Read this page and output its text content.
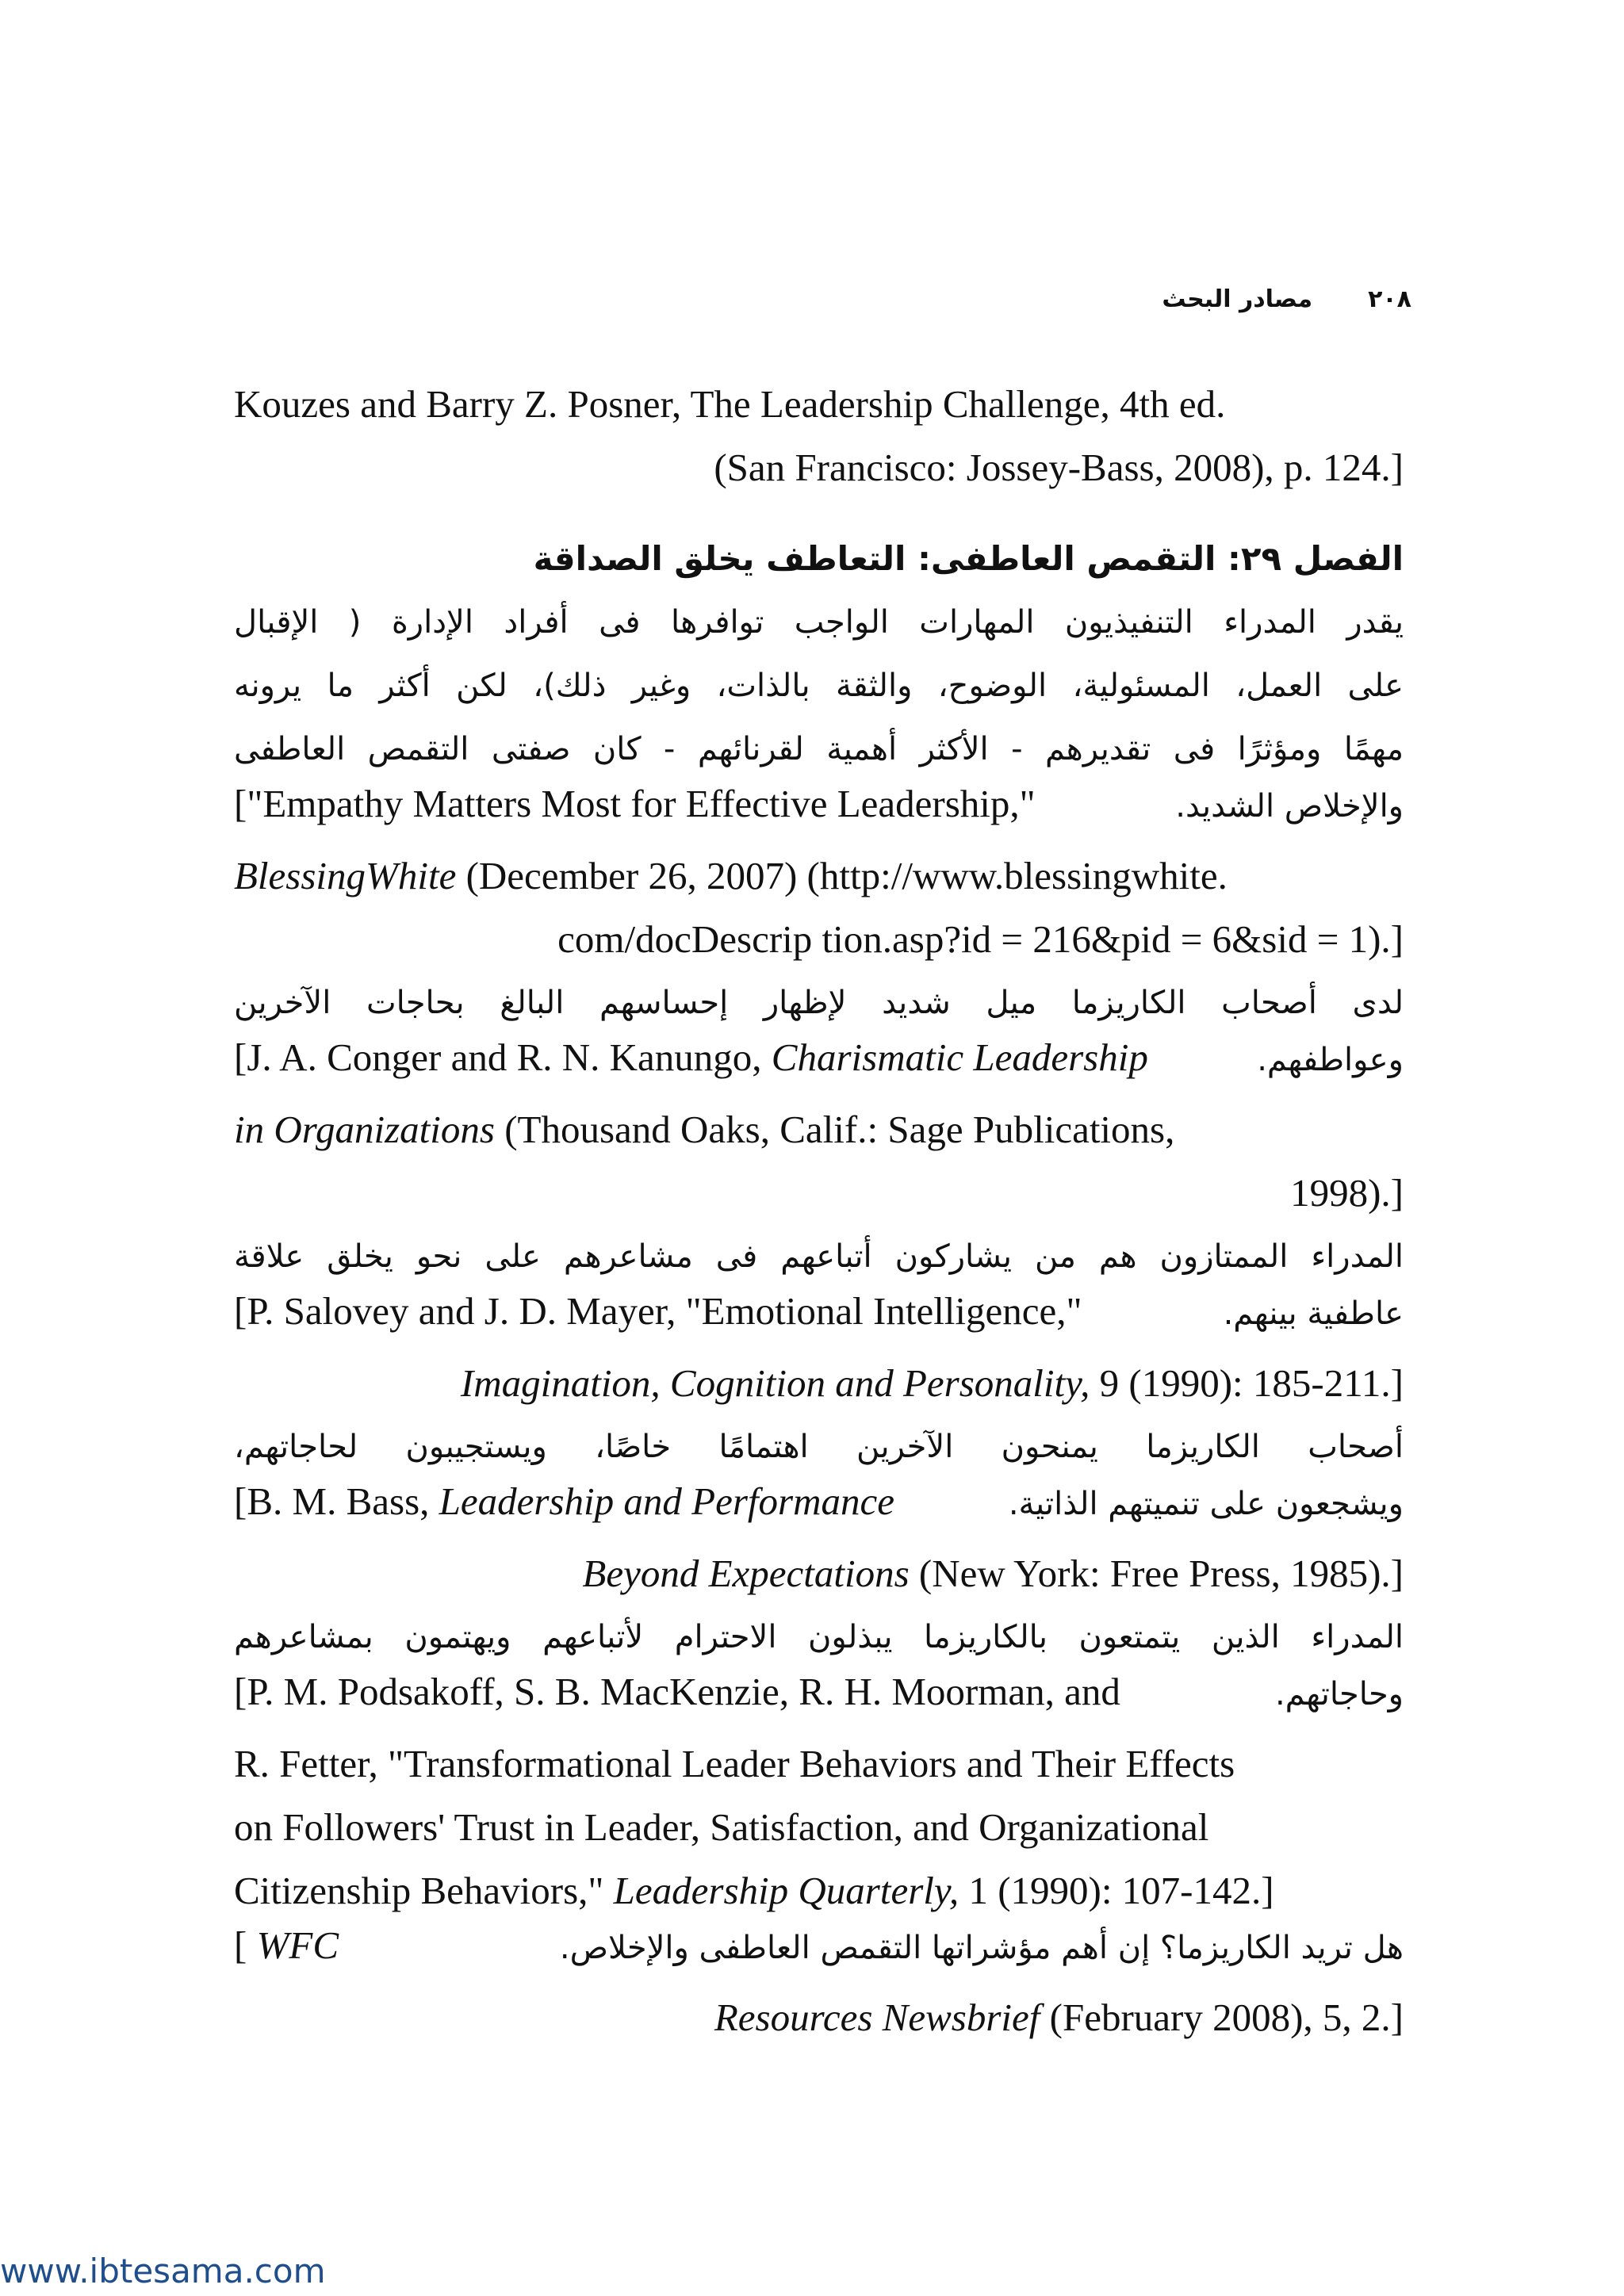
٢٠٨
مصادر البحث
Kouzes and Barry Z. Posner, The Leadership Challenge, 4th ed.
(San Francisco: Jossey-Bass, 2008), p. 124.]
الفصل ٢٩: التقمص العاطفى: التعاطف يخلق الصداقة
يقدر المدراء التنفيذيون المهارات الواجب توافرها فى أفراد الإدارة ( الإقبال
على العمل، المسئولية، الوضوح، والثقة بالذات، وغير ذلك)، لكن أكثر ما يرونه
مهمًا ومؤثرًا فى تقديرهم - الأكثر أهمية لقرنائهم - كان صفتى التقمص العاطفى
["Empathy Matters Most for Effective Leadership,"	والإخلاص الشديد.
BlessingWhite (December 26, 2007) (http://www.blessingwhite.
com/docDescrip tion.asp?id = 216&pid = 6&sid = 1).]
لدى أصحاب الكاريزما ميل شديد لإظهار إحساسهم البالغ بحاجات الآخرين
[J. A. Conger and R. N. Kanungo, Charismatic Leadership	وعواطفهم.
in Organizations (Thousand Oaks, Calif.: Sage Publications,
1998).]
المدراء الممتازون هم من يشاركون أتباعهم فى مشاعرهم على نحو يخلق علاقة
[P. Salovey and J. D. Mayer, "Emotional Intelligence,"	عاطفية بينهم.
Imagination, Cognition and Personality, 9 (1990): 185-211.]
أصحاب الكاريزما يمنحون الآخرين اهتمامًا خاصًا، ويستجيبون لحاجاتهم،
[B. M. Bass, Leadership and Performance	ويشجعون على تنميتهم الذاتية.
Beyond Expectations (New York: Free Press, 1985).]
المدراء الذين يتمتعون بالكاريزما يبذلون الاحترام لأتباعهم ويهتمون بمشاعرهم
[P. M. Podsakoff, S. B. MacKenzie, R. H. Moorman, and	وحاجاتهم.
R. Fetter, "Transformational Leader Behaviors and Their Effects
on Followers' Trust in Leader, Satisfaction, and Organizational
Citizenship Behaviors," Leadership Quarterly, 1 (1990): 107-142.]
[ WFC	هل تريد الكاريزما؟ إن أهم مؤشراتها التقمص العاطفى والإخلاص.
Resources Newsbrief (February 2008), 5, 2.]
www.ibtesama.com
